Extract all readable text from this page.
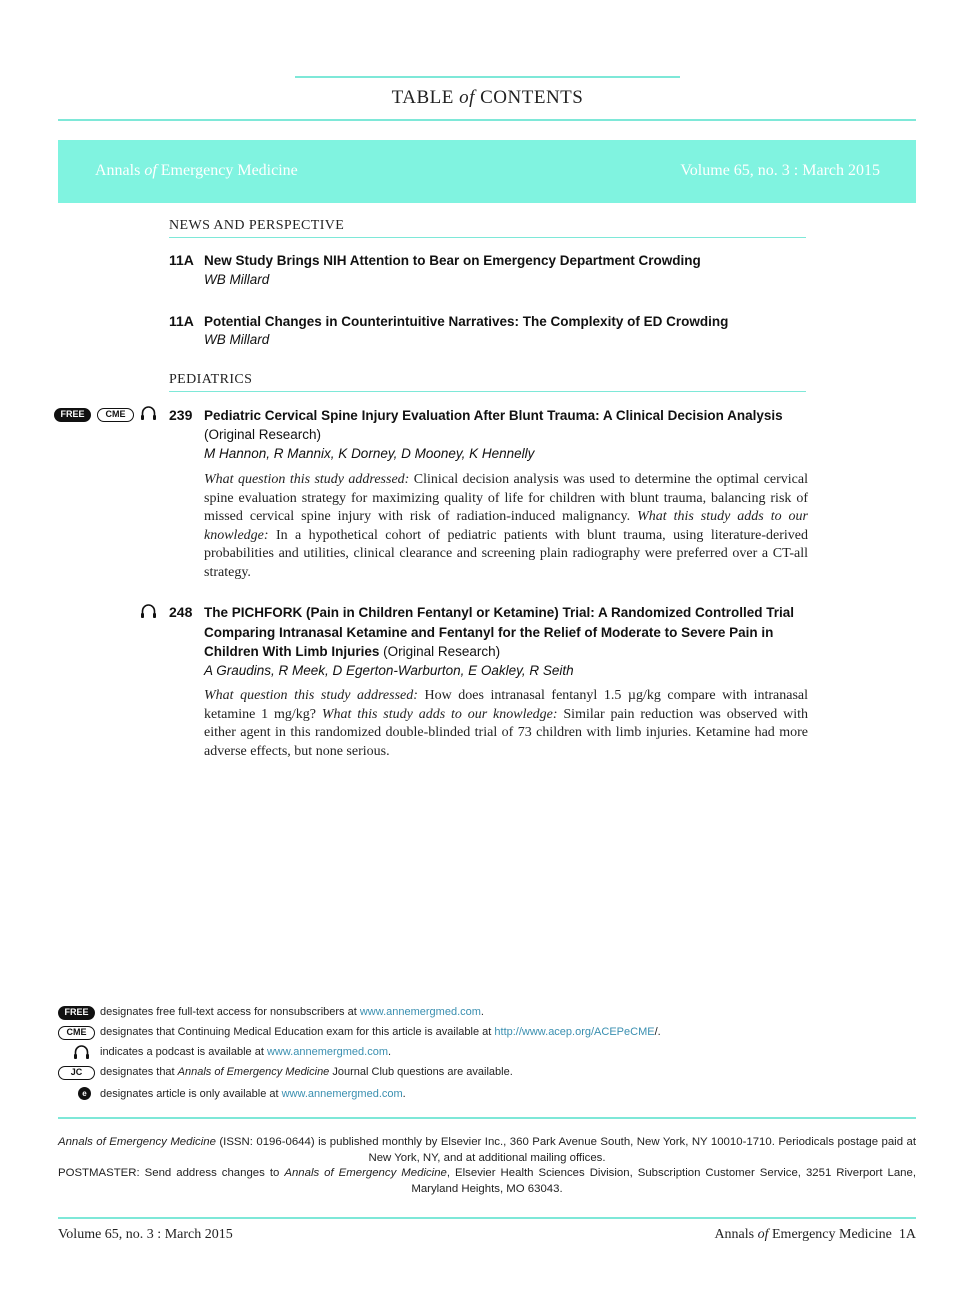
TABLE of CONTENTS
Annals of Emergency Medicine	Volume 65, no. 3 : March 2015
NEWS AND PERSPECTIVE
11A New Study Brings NIH Attention to Bear on Emergency Department Crowding
WB Millard
11A Potential Changes in Counterintuitive Narratives: The Complexity of ED Crowding
WB Millard
PEDIATRICS
FREE	CME	239 Pediatric Cervical Spine Injury Evaluation After Blunt Trauma: A Clinical Decision Analysis
(Original Research)
M Hannon, R Mannix, K Dorney, D Mooney, K Hennelly
What question this study addressed: Clinical decision analysis was used to determine the optimal cervical spine evaluation strategy for maximizing quality of life for children with blunt trauma, balancing risk of missed cervical spine injury with risk of radiation-induced malignancy. What this study adds to our knowledge: In a hypothetical cohort of pediatric patients with blunt trauma, using literature-derived probabilities and utilities, clinical clearance and screening plain radiography were preferred over a CT-all strategy.
248 The PICHFORK (Pain in Children Fentanyl or Ketamine) Trial: A Randomized Controlled Trial Comparing Intranasal Ketamine and Fentanyl for the Relief of Moderate to Severe Pain in Children With Limb Injuries (Original Research)
A Graudins, R Meek, D Egerton-Warburton, E Oakley, R Seith
What question this study addressed: How does intranasal fentanyl 1.5 µg/kg compare with intranasal ketamine 1 mg/kg? What this study adds to our knowledge: Similar pain reduction was observed with either agent in this randomized double-blinded trial of 73 children with limb injuries. Ketamine had more adverse effects, but none serious.
FREE	designates free full-text access for nonsubscribers at www.annemergmed.com.
CME	designates that Continuing Medical Education exam for this article is available at http://www.acep.org/ACEPeCME/.
indicates a podcast is available at www.annemergmed.com.
JC	designates that Annals of Emergency Medicine Journal Club questions are available.
e	designates article is only available at www.annemergmed.com.
Annals of Emergency Medicine (ISSN: 0196-0644) is published monthly by Elsevier Inc., 360 Park Avenue South, New York, NY 10010-1710. Periodicals postage paid at New York, NY, and at additional mailing offices.
POSTMASTER: Send address changes to Annals of Emergency Medicine, Elsevier Health Sciences Division, Subscription Customer Service, 3251 Riverport Lane, Maryland Heights, MO 63043.
Volume 65, no. 3 : March 2015	Annals of Emergency Medicine 1A
